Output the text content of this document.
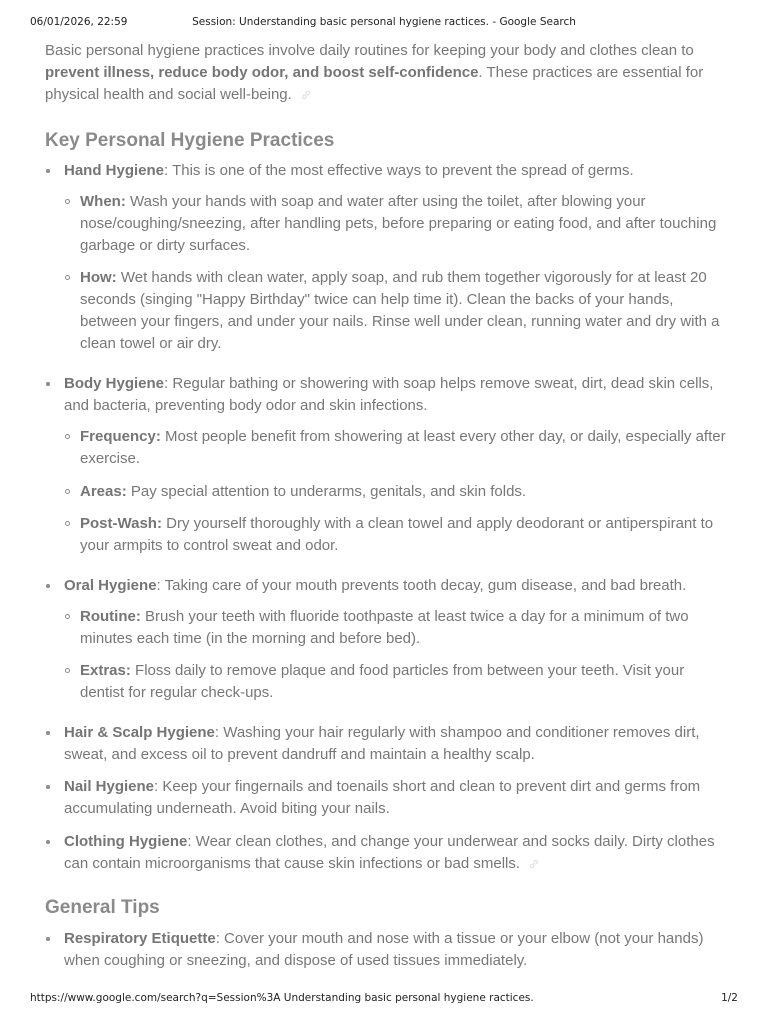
06/01/2026, 22:59	Session: Understanding basic personal hygiene ractices. - Google Search

Basic personal hygiene practices involve daily routines for keeping your body and clothes clean to prevent illness, reduce body odor, and boost self-confidence. These practices are essential for physical health and social well-being.

Key Personal Hygiene Practices
Hand Hygiene: This is one of the most effective ways to prevent the spread of germs.
When: Wash your hands with soap and water after using the toilet, after blowing your nose/coughing/sneezing, after handling pets, before preparing or eating food, and after touching garbage or dirty surfaces.
How: Wet hands with clean water, apply soap, and rub them together vigorously for at least 20 seconds (singing "Happy Birthday" twice can help time it). Clean the backs of your hands, between your fingers, and under your nails. Rinse well under clean, running water and dry with a clean towel or air dry.
Body Hygiene: Regular bathing or showering with soap helps remove sweat, dirt, dead skin cells, and bacteria, preventing body odor and skin infections.
Frequency: Most people benefit from showering at least every other day, or daily, especially after exercise.
Areas: Pay special attention to underarms, genitals, and skin folds.
Post-Wash: Dry yourself thoroughly with a clean towel and apply deodorant or antiperspirant to your armpits to control sweat and odor.
Oral Hygiene: Taking care of your mouth prevents tooth decay, gum disease, and bad breath.
Routine: Brush your teeth with fluoride toothpaste at least twice a day for a minimum of two minutes each time (in the morning and before bed).
Extras: Floss daily to remove plaque and food particles from between your teeth. Visit your dentist for regular check-ups.
Hair & Scalp Hygiene: Washing your hair regularly with shampoo and conditioner removes dirt, sweat, and excess oil to prevent dandruff and maintain a healthy scalp.
Nail Hygiene: Keep your fingernails and toenails short and clean to prevent dirt and germs from accumulating underneath. Avoid biting your nails.
Clothing Hygiene: Wear clean clothes, and change your underwear and socks daily. Dirty clothes can contain microorganisms that cause skin infections or bad smells.
General Tips
Respiratory Etiquette: Cover your mouth and nose with a tissue or your elbow (not your hands) when coughing or sneezing, and dispose of used tissues immediately.
https://www.google.com/search?q=Session%3A Understanding basic personal hygiene ractices.	1/2
